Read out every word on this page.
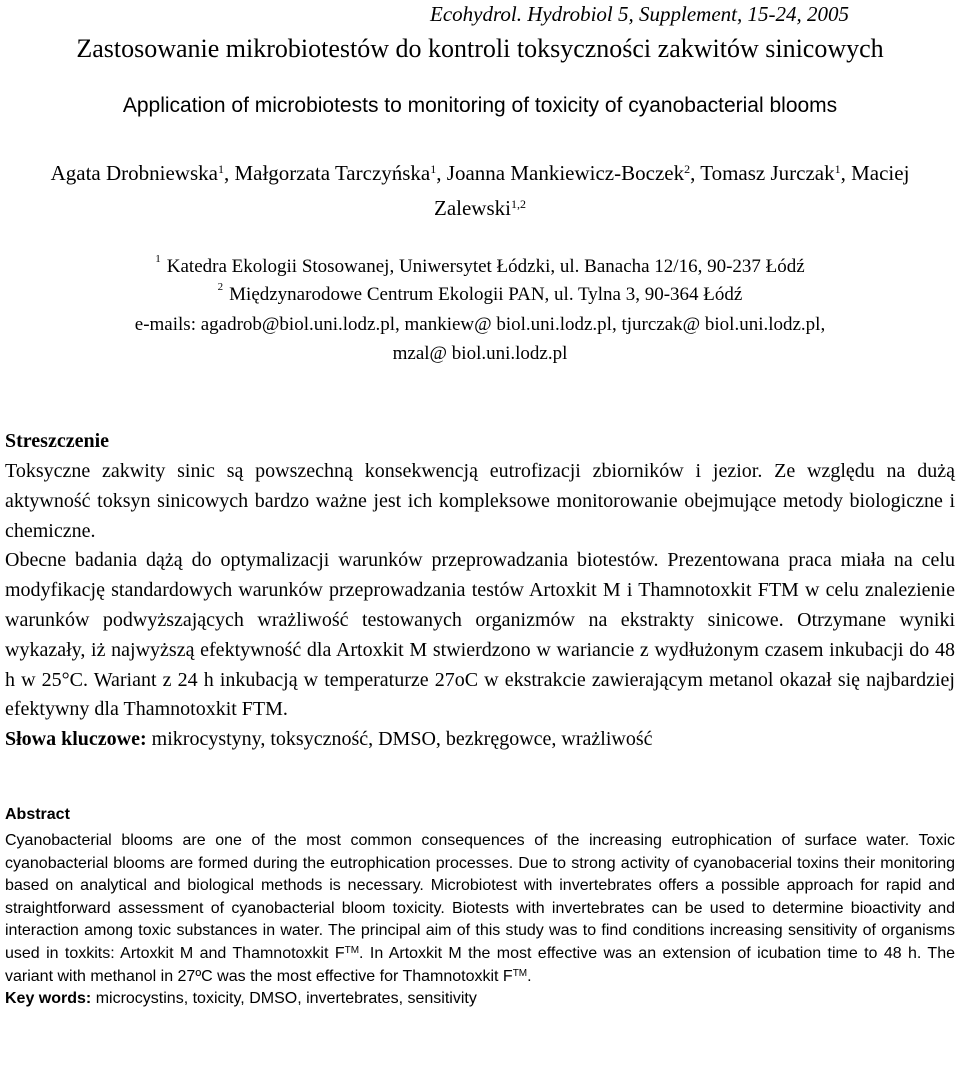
Ecohydrol. Hydrobiol 5, Supplement, 15-24, 2005
Zastosowanie mikrobiotestów do kontroli toksyczności zakwitów sinicowych
Application of microbiotests to monitoring of toxicity of cyanobacterial blooms
Agata Drobniewska$^1$, Małgorzata Tarczyńska$^1$, Joanna Mankiewicz-Boczek$^2$, Tomasz Jurczak$^1$, Maciej Zalewski$^{1,2}$
$^1$ Katedra Ekologii Stosowanej, Uniwersytet Łódzki, ul. Banacha 12/16, 90-237 Łódź
$^2$ Międzynarodowe Centrum Ekologii PAN, ul. Tylna 3, 90-364 Łódź
e-mails: agadrob@biol.uni.lodz.pl, mankiew@ biol.uni.lodz.pl, tjurczak@ biol.uni.lodz.pl,
mzal@ biol.uni.lodz.pl
Streszczenie

Toksyczne zakwity sinic są powszechną konsekwencją eutrofizacji zbiorników i jezior. Ze względu na dużą aktywność toksyn sinicowych bardzo ważne jest ich kompleksowe monitorowanie obejmujące metody biologiczne i chemiczne.

Obecne badania dążą do optymalizacji warunków przeprowadzania biotestów. Prezentowana praca miała na celu modyfikację standardowych warunków przeprowadzania testów Artoxkit M i Thamnotoxkit FTM w celu znalezienie warunków podwyższających wrażliwość testowanych organizmów na ekstrakty sinicowe. Otrzymane wyniki wykazały, iż najwyższą efektywność dla Artoxkit M stwierdzono w wariancie z wydłużonym czasem inkubacji do 48 h w 25°C. Wariant z 24 h inkubacją w temperaturze 27oC w ekstrakcie zawierającym metanol okazał się najbardziej efektywny dla Thamnotoxkit FTM.

Słowa kluczowe: mikrocystyny, toksyczność, DMSO, bezkręgowce, wrażliwość

Abstract

Cyanobacterial blooms are one of the most common consequences of the increasing eutrophication of surface water. Toxic cyanobacterial blooms are formed during the eutrophication processes. Due to strong activity of cyanobacerial toxins their monitoring based on analytical and biological methods is necessary. Microbiotest with invertebrates offers a possible approach for rapid and straightforward assessment of cyanobacterial bloom toxicity. Biotests with invertebrates can be used to determine bioactivity and interaction among toxic substances in water. The principal aim of this study was to find conditions increasing sensitivity of organisms used in toxkits: Artoxkit M and Thamnotoxkit F™. In Artoxkit M the most effective was an extension of icubation time to 48 h. The variant with methanol in 27ºC was the most effective for Thamnotoxkit F™.

Key words: microcystins, toxicity, DMSO, invertebrates, sensitivity
